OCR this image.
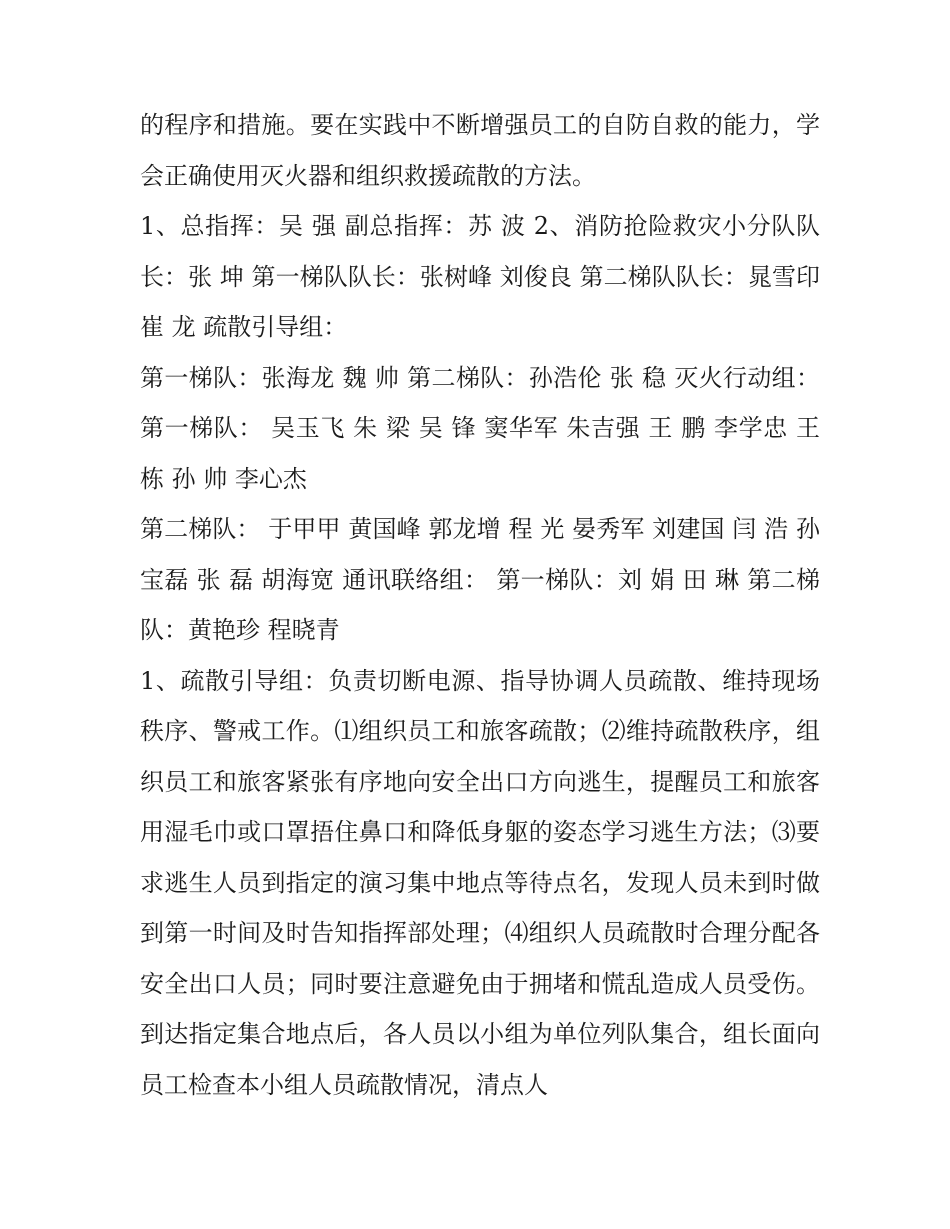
的程序和措施。要在实践中不断增强员工的自防自救的能力，学会正确使用灭火器和组织救援疏散的方法。

1、总指挥：吴 强 副总指挥：苏 波 2、消防抢险救灾小分队队长：张 坤 第一梯队队长：张树峰 刘俊良 第二梯队队长：晁雪印 崔 龙 疏散引导组：

第一梯队：张海龙 魏 帅 第二梯队：孙浩伦 张 稳 灭火行动组： 第一梯队： 吴玉飞 朱 梁 吴 锋 窦华军 朱吉强 王 鹏 李学忠 王 栋 孙 帅 李心杰

第二梯队： 于甲甲 黄国峰 郭龙增 程 光 晏秀军 刘建国 闫 浩 孙宝磊 张 磊 胡海宽 通讯联络组： 第一梯队：刘 娟 田 琳 第二梯队：黄艳珍 程晓青

1、疏散引导组：负责切断电源、指导协调人员疏散、维持现场秩序、警戒工作。⑴组织员工和旅客疏散；⑵维持疏散秩序，组织员工和旅客紧张有序地向安全出口方向逃生，提醒员工和旅客用湿毛巾或口罩捂住鼻口和降低身躯的姿态学习逃生方法；⑶要求逃生人员到指定的演习集中地点等待点名，发现人员未到时做到第一时间及时告知指挥部处理；⑷组织人员疏散时合理分配各安全出口人员；同时要注意避免由于拥堵和慌乱造成人员受伤。到达指定集合地点后，各人员以小组为单位列队集合，组长面向员工检查本小组人员疏散情况，清点人
